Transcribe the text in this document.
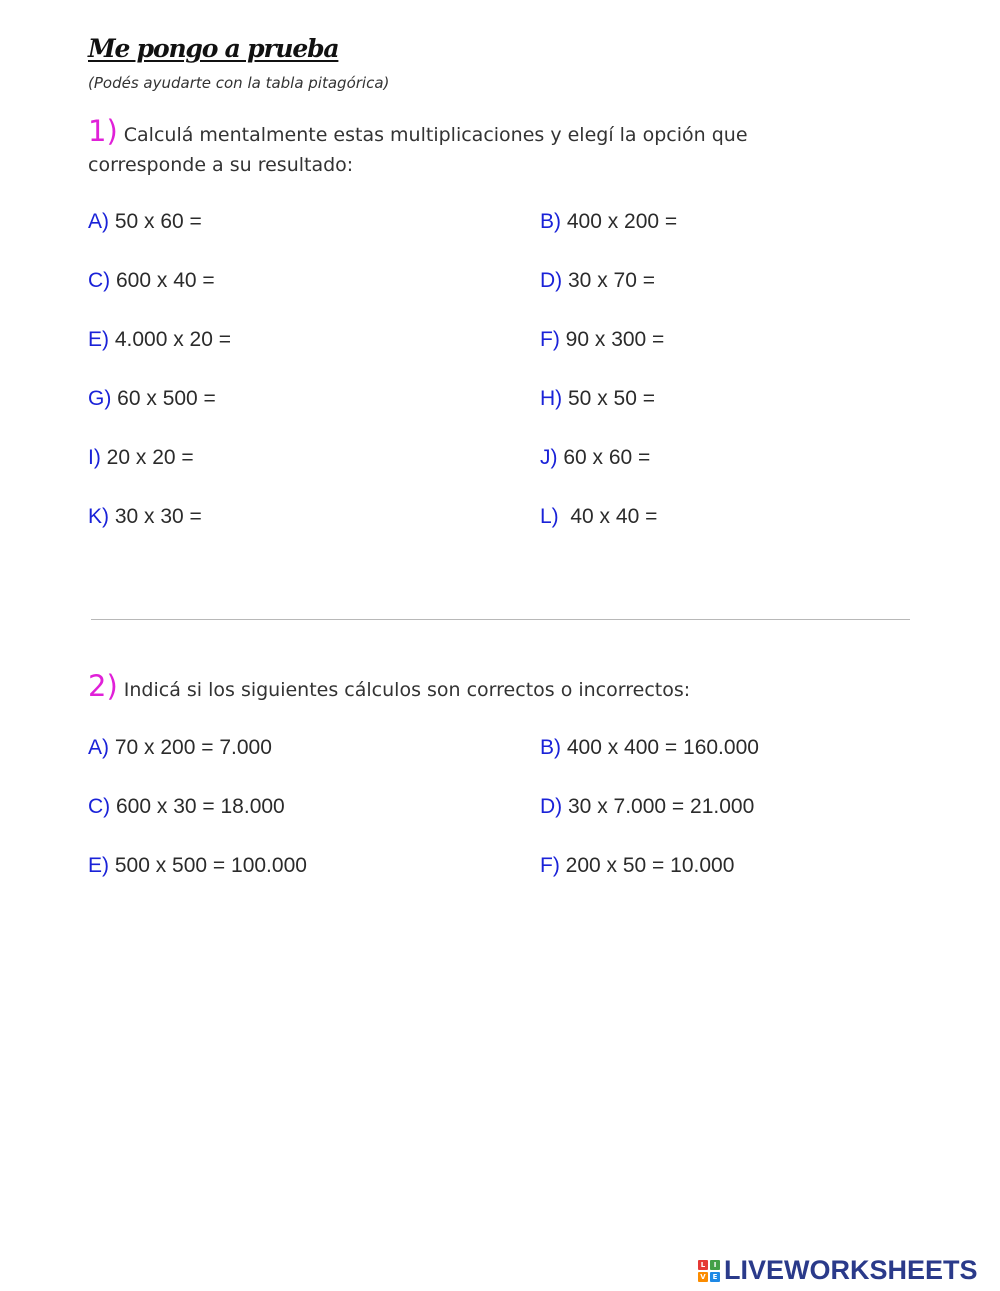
Me pongo a prueba
(Podés ayudarte con la tabla pitagórica)
1) Calculá mentalmente estas multiplicaciones y elegí la opción que corresponde a su resultado:
A) 50 x 60 =	B) 400 x 200 =
C) 600 x 40 =	D) 30 x 70 =
E) 4.000 x 20 =	F) 90 x 300 =
G) 60 x 500 =	H) 50 x 50 =
I) 20 x 20 =	J) 60 x 60 =
K) 30 x 30 =	L)  40 x 40 =
2) Indicá si los siguientes cálculos son correctos o incorrectos:
A) 70 x 200 = 7.000	B) 400 x 400 = 160.000
C) 600 x 30 = 18.000	D) 30 x 7.000 = 21.000
E) 500 x 500 = 100.000	F) 200 x 50 = 10.000
L	I
V E LIVEWORKSHEETS
